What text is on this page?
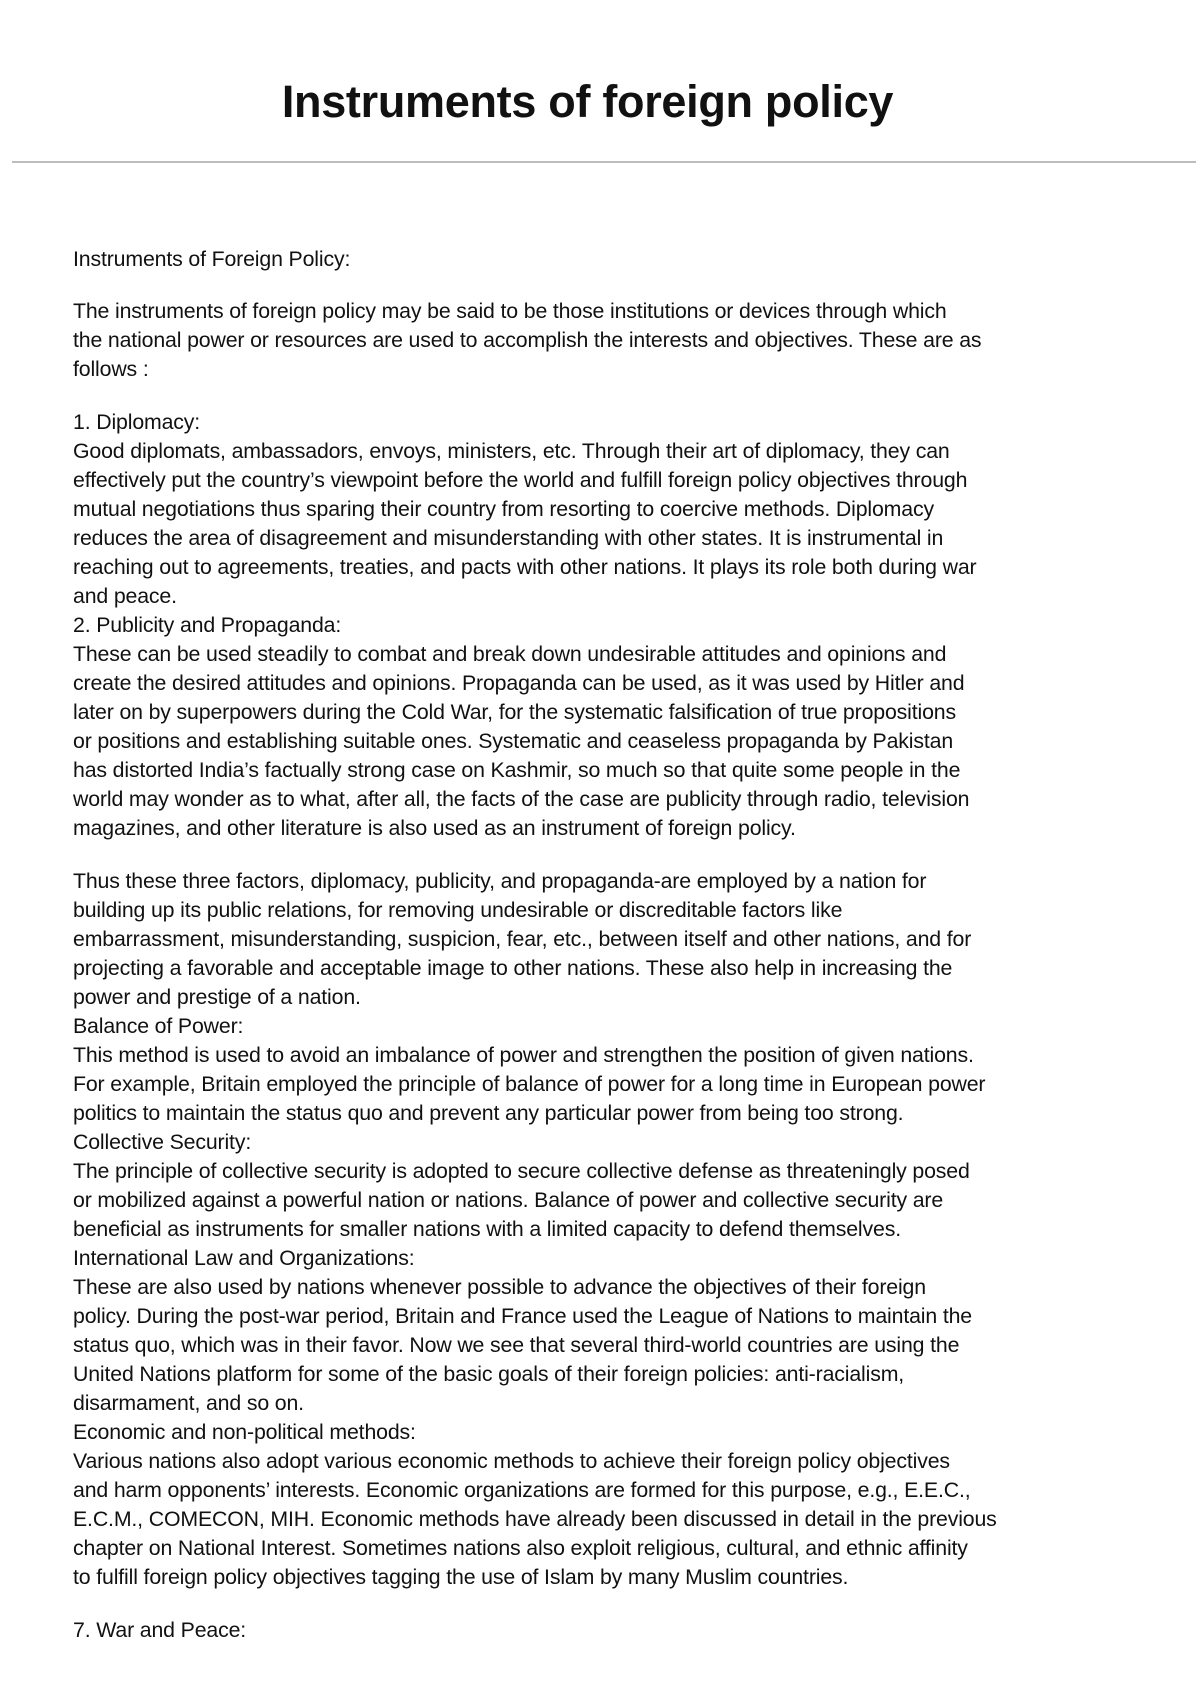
Instruments of foreign policy
Instruments of Foreign Policy:
The instruments of foreign policy may be said to be those institutions or devices through which
the national power or resources are used to accomplish the interests and objectives. These are as
follows :
1. Diplomacy:
Good diplomats, ambassadors, envoys, ministers, etc. Through their art of diplomacy, they can
effectively put the country’s viewpoint before the world and fulfill foreign policy objectives through
mutual negotiations thus sparing their country from resorting to coercive methods. Diplomacy
reduces the area of disagreement and misunderstanding with other states. It is instrumental in
reaching out to agreements, treaties, and pacts with other nations. It plays its role both during war
and peace.
2. Publicity and Propaganda:
These can be used steadily to combat and break down undesirable attitudes and opinions and
create the desired attitudes and opinions. Propaganda can be used, as it was used by Hitler and
later on by superpowers during the Cold War, for the systematic falsification of true propositions
or positions and establishing suitable ones. Systematic and ceaseless propaganda by Pakistan
has distorted India’s factually strong case on Kashmir, so much so that quite some people in the
world may wonder as to what, after all, the facts of the case are publicity through radio, television
magazines, and other literature is also used as an instrument of foreign policy.
Thus these three factors, diplomacy, publicity, and propaganda-are employed by a nation for
building up its public relations, for removing undesirable or discreditable factors like
embarrassment, misunderstanding, suspicion, fear, etc., between itself and other nations, and for
projecting a favorable and acceptable image to other nations. These also help in increasing the
power and prestige of a nation.
Balance of Power:
This method is used to avoid an imbalance of power and strengthen the position of given nations.
For example, Britain employed the principle of balance of power for a long time in European power
politics to maintain the status quo and prevent any particular power from being too strong.
Collective Security:
The principle of collective security is adopted to secure collective defense as threateningly posed
or mobilized against a powerful nation or nations. Balance of power and collective security are
beneficial as instruments for smaller nations with a limited capacity to defend themselves.
International Law and Organizations:
These are also used by nations whenever possible to advance the objectives of their foreign
policy. During the post-war period, Britain and France used the League of Nations to maintain the
status quo, which was in their favor. Now we see that several third-world countries are using the
United Nations platform for some of the basic goals of their foreign policies: anti-racialism,
disarmament, and so on.
Economic and non-political methods:
Various nations also adopt various economic methods to achieve their foreign policy objectives
and harm opponents’ interests. Economic organizations are formed for this purpose, e.g., E.E.C.,
E.C.M., COMECON, MIH. Economic methods have already been discussed in detail in the previous
chapter on National Interest. Sometimes nations also exploit religious, cultural, and ethnic affinity
to fulfill foreign policy objectives tagging the use of Islam by many Muslim countries.
7. War and Peace:
